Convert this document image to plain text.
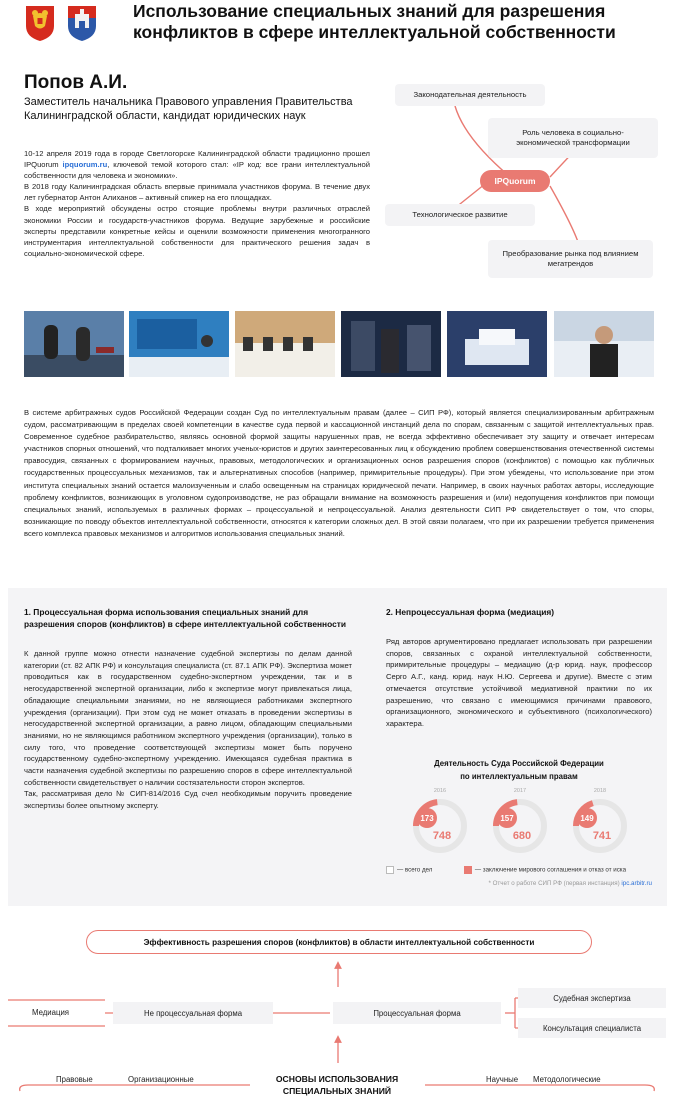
Использование специальных знаний для разрешения конфликтов в сфере интеллектуальной собственности
Попов А.И.
Заместитель начальника Правового управления Правительства Калининградской области, кандидат юридических наук

10-12 апреля 2019 года в городе Светлогорске Калининградской области традиционно прошел IPQuorum ipquorum.ru, ключевой темой которого стал: «IP код: все грани интеллектуальной собственности для человека и экономики».

В 2018 году Калининградская область впервые принимала участников форума. В течение двух лет губернатор Антон Алиханов – активный спикер на его площадках.

В ходе мероприятий обсуждены остро стоящие проблемы внутри различных отраслей экономики России и государств-участников форума. Ведущие зарубежные и российские эксперты представили конкретные кейсы и оценили возможности применения многогранного инструментария интеллектуальной собственности для практического решения задач в социально-экономической сфере.

Законодательная деятельность
Роль человека в социально-экономической трансформации
IPQuorum
Технологическое развитие
Преобразование рынка под влиянием мегатрендов
В системе арбитражных судов Российской Федерации создан Суд по интеллектуальным правам (далее – СИП РФ), который является специализированным арбитражным судом, рассматривающим в пределах своей компетенции в качестве суда первой и кассационной инстанций дела по спорам, связанным с защитой интеллектуальных прав. Современное судебное разбирательство, являясь основной формой защиты нарушенных прав, не всегда эффективно обеспечивает эту защиту и отвечает интересам участников спорных отношений, что подталкивает многих ученых-юристов и других заинтересованных лиц к обсуждению проблем совершенствования отечественной системы правосудия, связанных с формированием научных, правовых, методологических и организационных основ разрешения споров (конфликтов) с помощью как публичных государственных процессуальных механизмов, так и альтернативных способов (например, примирительные процедуры). При этом убеждены, что использование при этом института специальных знаний остается малоизученным и слабо освещенным на страницах юридической печати. Например, в своих научных работах авторы, исследующие проблему конфликтов, возникающих в уголовном судопроизводстве, не раз обращали внимание на возможность разрешения и (или) недопущения конфликтов при помощи специальных знаний, используемых в различных формах – процессуальной и непроцессуальной. Анализ деятельности СИП РФ свидетельствует о том, что споры, возникающие по поводу объектов интеллектуальной собственности, относятся к категории сложных дел. В этой связи полагаем, что при их разрешении требуется применения всего комплекса правовых механизмов и алгоритмов использования специальных знаний.
1. Процессуальная форма использования специальных знаний для разрешения споров (конфликтов) в сфере интеллектуальной собственности

К данной группе можно отнести назначение судебной экспертизы по делам данной категории (ст. 82 АПК РФ) и консультация специалиста (ст. 87.1 АПК РФ). Экспертиза может проводиться как в государственном судебно-экспертном учреждении, так и в негосударственной экспертной организации, либо к экспертизе могут привлекаться лица, обладающие специальными знаниями, но не являющиеся работниками экспертного учреждения (организации). При этом суд не может отказать в проведении экспертизы в негосударственной экспертной организации, а равно лицом, обладающим специальными знаниями, но не являющимся работником экспертного учреждения (организации), только в силу того, что проведение соответствующей экспертизы может быть поручено государственному судебно-экспертному учреждению. Имеющаяся судебная практика в части назначения судебной экспертизы по разрешению споров в сфере интеллектуальной собственности свидетельствует о наличии состязательности сторон экспертов.

Так, рассматривая дело № СИП-814/2016 Суд счел необходимым поручить проведение экспертизы более опытному эксперту.

2. Непроцессуальная форма (медиация)

Ряд авторов аргументировано предлагает использовать при разрешении споров, связанных с охраной интеллектуальной собственности, примирительные процедуры – медиацию (д-р юрид. наук, профессор Серго А.Г., канд. юрид. наук Н.Ю. Сергеева и другие). Вместе с этим отмечается отсутствие устойчивой медиативной практики по их разрешению, что связано с имеющимися причинами правового, организационного, экономического и субъективного (психологического) характера.

Деятельность Суда Российской Федерации
по интеллектуальным правам
2016
173
748
2017
157
680
2018
149
741
— всего дел	— заключение мирового соглашения и отказ от иска
* Отчет о работе СИП РФ (первая инстанция) ipc.arbitr.ru
Эффективность разрешения споров (конфликтов) в области интеллектуальной собственности
Медиация	Не процессуальная форма	Процессуальная форма
Судебная экспертиза
Консультация специалиста
Правовые	Организационные	ОСНОВЫ ИСПОЛЬЗОВАНИЯ СПЕЦИАЛЬНЫХ ЗНАНИЙ
Научные Методологические
